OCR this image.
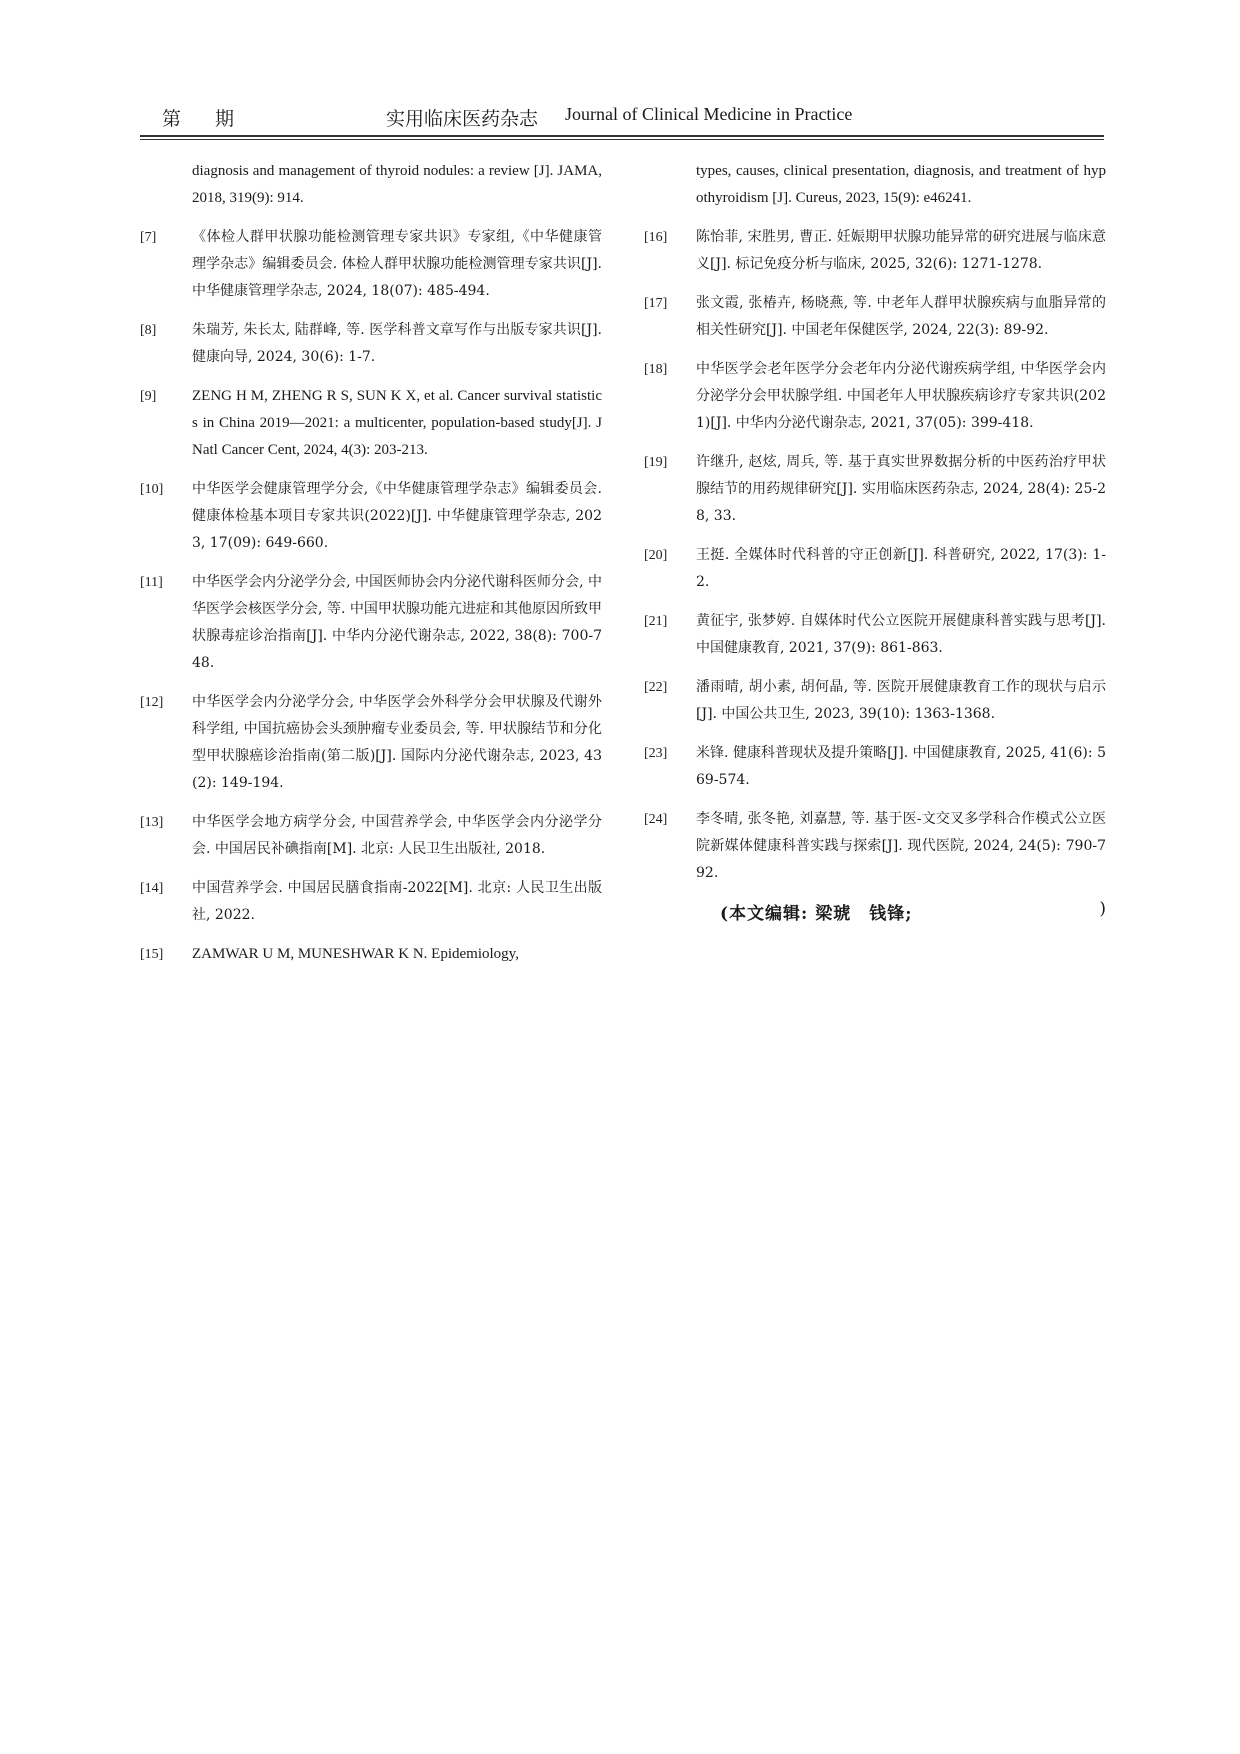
第 期	实用临床医药杂志 Journal of Clinical Medicine in Practice
diagnosis and management of thyroid nodules: a review [J]. JAMA, 2018, 319(9): 914.
[7]	《体检人群甲状腺功能检测管理专家共识》专家组,《中华健康管理学杂志》编辑委员会. 体检人群甲状腺功能检测管理专家共识[J]. 中华健康管理学杂志, 2024, 18(07): 485-494.
[8]	朱瑞芳, 朱长太, 陆群峰, 等. 医学科普文章写作与出版专家共识[J]. 健康向导, 2024, 30(6): 1-7.
[9] ZENG H M, ZHENG R S, SUN K X, et al. Cancer survival statistics in China 2019—2021: a multicenter, population-based study[J]. J Natl Cancer Cent, 2024, 4(3): 203-213.
[10] 中华医学会健康管理学分会,《中华健康管理学杂志》编辑委员会. 健康体检基本项目专家共识(2022)[J]. 中华健康管理学杂志, 2023, 17(09): 649-660.
[11] 中华医学会内分泌学分会, 中国医师协会内分泌代谢科医师分会, 中华医学会核医学分会, 等. 中国甲状腺功能亢进症和其他原因所致甲状腺毒症诊治指南[J]. 中华内分泌代谢杂志, 2022, 38(8): 700-748.
[12] 中华医学会内分泌学分会, 中华医学会外科学分会甲状腺及代谢外科学组, 中国抗癌协会头颈肿瘤专业委员会, 等. 甲状腺结节和分化型甲状腺癌诊治指南(第二版)[J]. 国际内分泌代谢杂志, 2023, 43(2): 149-194.
[13] 中华医学会地方病学分会, 中国营养学会, 中华医学会内分泌学分会. 中国居民补碘指南[M]. 北京: 人民卫生出版社, 2018.
[14] 中国营养学会. 中国居民膳食指南-2022[M]. 北京: 人民卫生出版社, 2022.
[15] ZAMWAR U M, MUNESHWAR K N. Epidemiology,
types, causes, clinical presentation, diagnosis, and treatment of hypothyroidism [J]. Cureus, 2023, 15(9): e46241.
[16] 陈怡菲, 宋胜男, 曹正. 妊娠期甲状腺功能异常的研究进展与临床意义[J]. 标记免疫分析与临床, 2025, 32(6): 1271-1278.
[17] 张文霞, 张椿卉, 杨晓燕, 等. 中老年人群甲状腺疾病与血脂异常的相关性研究[J]. 中国老年保健医学, 2024, 22(3): 89-92.
[18] 中华医学会老年医学分会老年内分泌代谢疾病学组, 中华医学会内分泌学分会甲状腺学组. 中国老年人甲状腺疾病诊疗专家共识(2021)[J]. 中华内分泌代谢杂志, 2021, 37(05): 399-418.
[19] 许继升, 赵炫, 周兵, 等. 基于真实世界数据分析的中医药治疗甲状腺结节的用药规律研究[J]. 实用临床医药杂志, 2024, 28(4): 25-28, 33.
[20] 王挺. 全媒体时代科普的守正创新[J]. 科普研究, 2022, 17(3): 1-2.
[21] 黄征宇, 张梦婷. 自媒体时代公立医院开展健康科普实践与思考[J]. 中国健康教育, 2021, 37(9): 861-863.
[22] 潘雨晴, 胡小素, 胡何晶, 等. 医院开展健康教育工作的现状与启示[J]. 中国公共卫生, 2023, 39(10): 1363-1368.
[23] 米锋. 健康科普现状及提升策略[J]. 中国健康教育, 2025, 41(6): 569-574.
[24] 李冬晴, 张冬艳, 刘嘉慧, 等. 基于医-文交叉多学科合作模式公立医院新媒体健康科普实践与探索[J]. 现代医院, 2024, 24(5): 790-792.
(本文编辑: 梁琥　钱锋;	)
